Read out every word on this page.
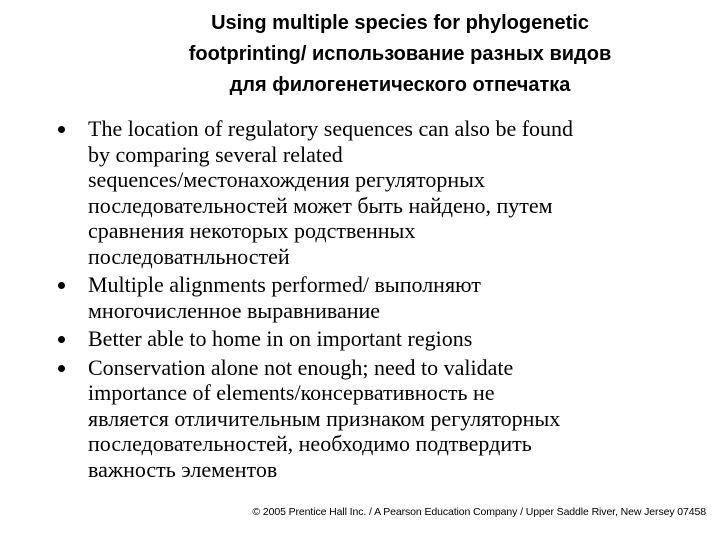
Using multiple species for phylogenetic
footprinting/ использование разных видов
для филогенетического отпечатка
The location of regulatory sequences can also be found
by comparing several related
sequences/местонахождения регуляторных
последовательностей может быть найдено, путем
сравнения некоторых родственных
последоватнльностей
Multiple alignments performed/ выполняют
многочисленное выравнивание
Better able to home in on important regions
Conservation alone not enough; need to validate
importance of elements/консервативность не
является отличительным признаком регуляторных
последовательностей, необходимо подтвердить
важность элементов
© 2005 Prentice Hall Inc. / A Pearson Education Company / Upper Saddle River, New Jersey 07458
